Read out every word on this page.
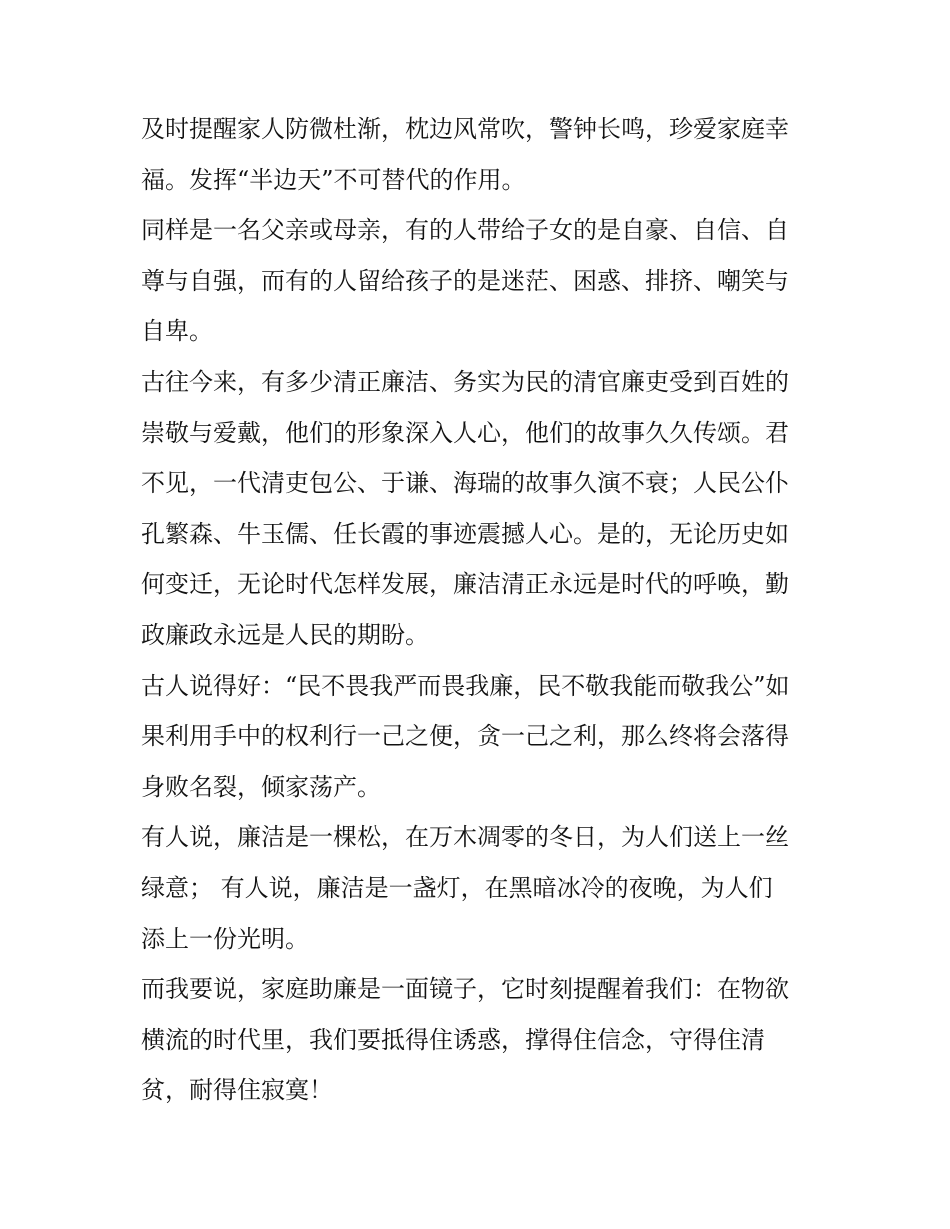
及时提醒家人防微杜渐，枕边风常吹，警钟长鸣，珍爱家庭幸
福。发挥“半边天”不可替代的作用。
同样是一名父亲或母亲，有的人带给子女的是自豪、自信、自
尊与自强，而有的人留给孩子的是迷茫、困惑、排挤、嘲笑与
自卑。
古往今来，有多少清正廉洁、务实为民的清官廉吏受到百姓的
崇敬与爱戴，他们的形象深入人心，他们的故事久久传颂。君
不见，一代清吏包公、于谦、海瑞的故事久演不衰；人民公仆
孔繁森、牛玉儒、任长霞的事迹震撼人心。是的，无论历史如
何变迁，无论时代怎样发展，廉洁清正永远是时代的呼唤，勤
政廉政永远是人民的期盼。
古人说得好：“民不畏我严而畏我廉，民不敬我能而敬我公”如
果利用手中的权利行一己之便，贪一己之利，那么终将会落得
身败名裂，倾家荡产。
有人说，廉洁是一棵松，在万木凋零的冬日，为人们送上一丝
绿意； 有人说，廉洁是一盏灯，在黑暗冰冷的夜晚，为人们
添上一份光明。
而我要说，家庭助廉是一面镜子，它时刻提醒着我们：在物欲
横流的时代里，我们要抵得住诱惑，撑得住信念，守得住清
贫，耐得住寂寞！
